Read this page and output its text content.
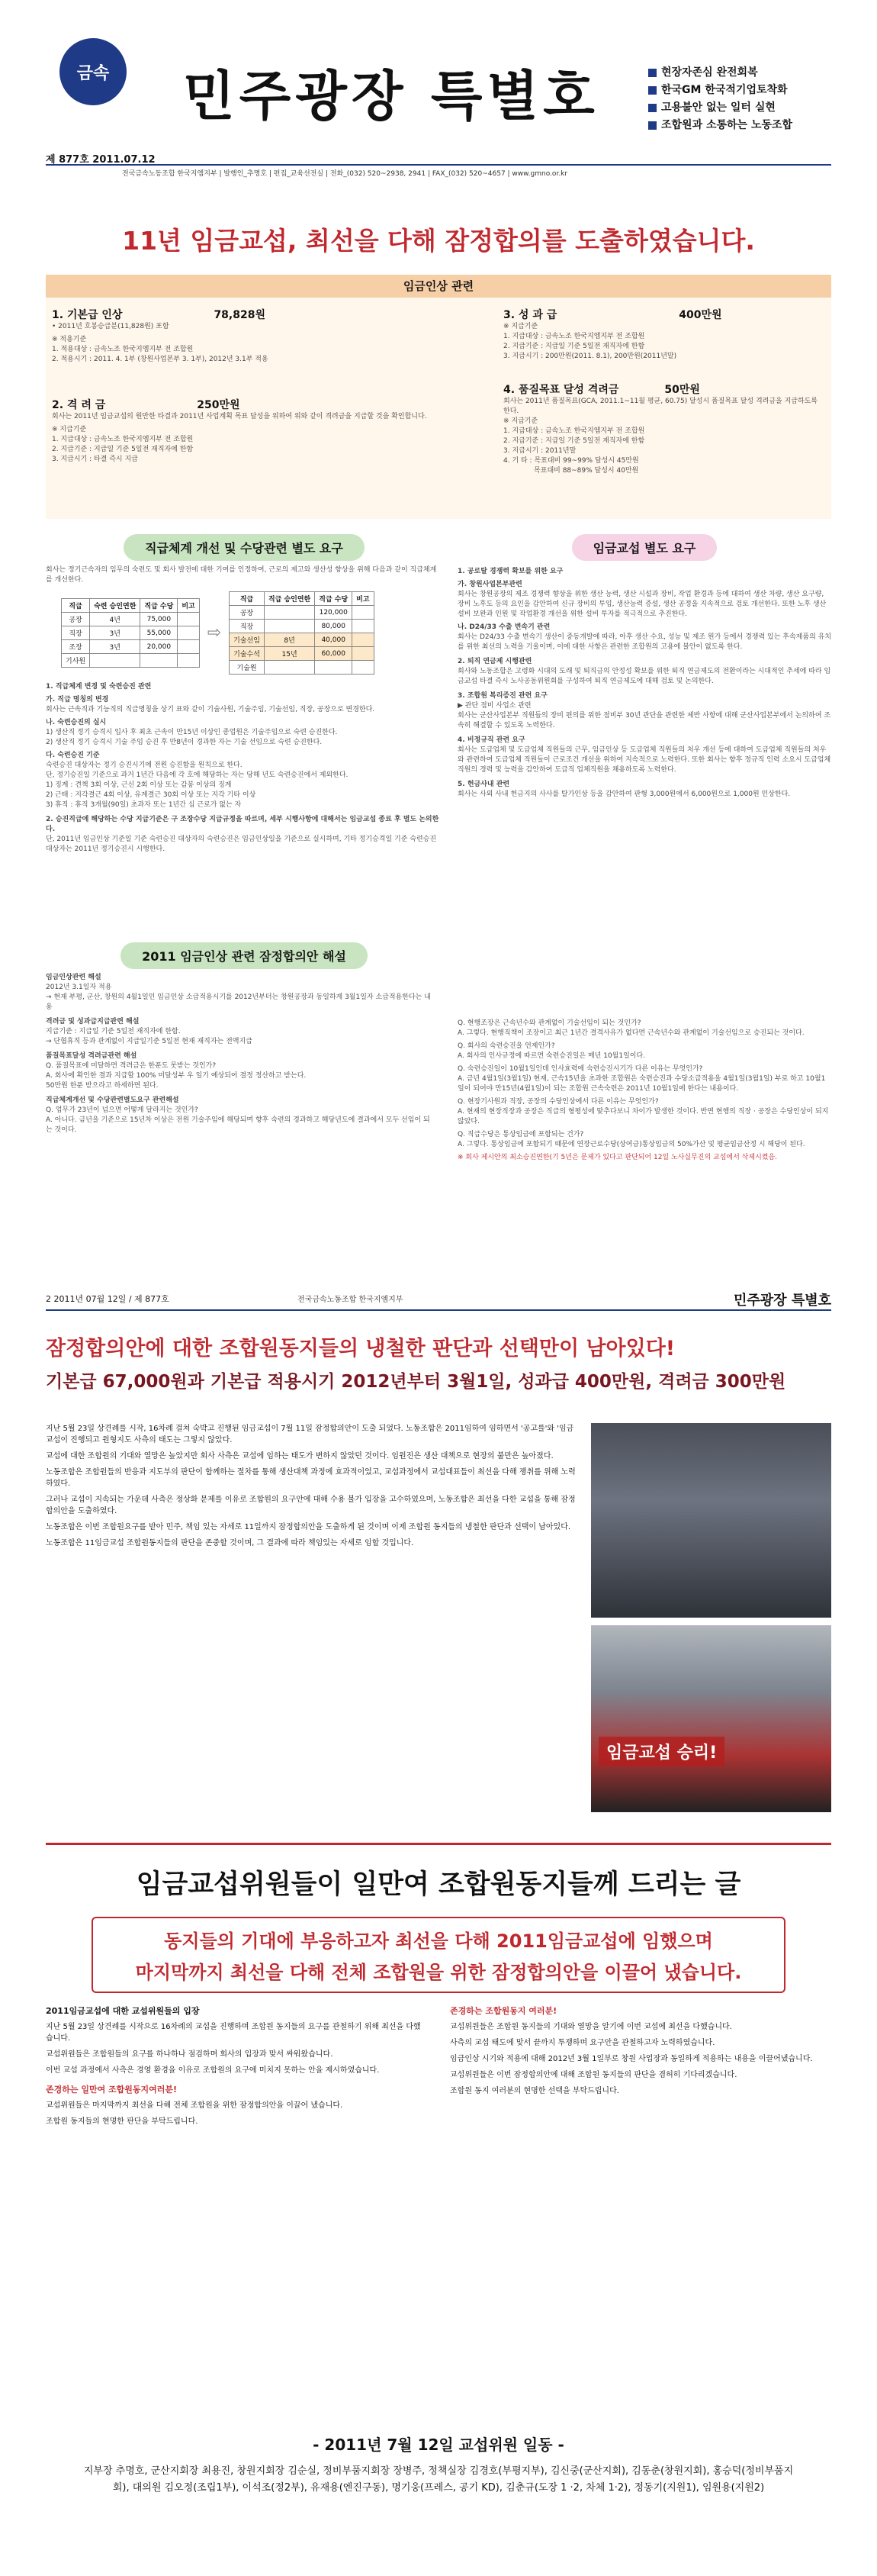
금속 민주광장 특별호
제 877호 2011.07.12
현장자존심 완전회복
한국GM 한국적기업토착화
고용불안 없는 일터 실현
조합원과 소통하는 노동조합
전국금속노동조합 한국지엠지부 | 발행인_추명호 | 편집_교육선전실 | 전화_(032) 520~2938, 2941 | FAX_(032) 520~4657 | www.gmno.or.kr
11년 임금교섭, 최선을 다해 잠정합의를 도출하였습니다.
임금인상 관련
1. 기본급 인상	78,828원
• 2011년 호봉승급분(11,828원) 포함
※ 적용기준
1. 적용대상 : 금속노조 한국지엠지부 전 조합원
2. 적용시기 : 2011. 4. 1부 (창원사업본부 3. 1부), 2012년 3.1부 적용
2. 격 려 금	250만원
회사는 2011년 임금교섭의 원만한 타결과 2011년 사업계획 목표 달성을 위하여 위와 같이 격려금을 지급할 것을 확인합니다.
※ 지급기준
1. 지급대상 : 금속노조 한국지엠지부 전 조합원
2. 지급기준 : 지급일 기준 5일전 재직자에 한함
3. 지급시기 : 타결 즉시 지급
3. 성 과 급	400만원
※ 지급기준
1. 지급대상 : 금속노조 한국지엠지부 전 조합원
2. 지급기준 : 지급일 기준 5일전 재직자에 한함
3. 지급시기 : 200만원(2011. 8.1), 200만원(2011년말)
4. 품질목표 달성 격려금	50만원
회사는 2011년 품질목표(GCA, 2011.1~11월 평균, 60.75) 달성시 품질목표 달성 격려금을 지급하도록 한다.
※ 지급기준
1. 지급대상 : 금속노조 한국지엠지부 전 조합원
2. 지급기준 : 지급일 기준 5일전 재직자에 한함
3. 지급시기 : 2011년말
4. 기 타 : 목표대비 99~99% 달성시 45만원
목표대비 88~89% 달성시 40만원
직급체계 개선 및 수당관련 별도 요구
회사는 정기근속자의 임무의 숙련도 및 회사 발전에 대한 기여를 인정하여, 근로의 제고와 생산성 향상을 위해 다음과 같이 직급체계를 개선한다.
직급	숙련 승인연한	직급 수당	비고
공장	4년	75,000	
직장	3년	55,000	
조장	3년	20,000	
기사원			
⇨
직급	직급 승인연한	직급 수당	비고
공장		120,000	
직장		80,000	
기술선임	8년	40,000	
기술수석	15년	60,000	
기술원			
1. 직급체계 변경 및 숙련승진 관련
가. 직급 명칭의 변경
회사는 근속직과 기능직의 직급명칭을 상기 표와 같이 기술사원, 기술주임, 기술선임, 직장, 공장으로 변경한다.
나. 숙련승진의 실시
1) 생산직 정기 승격시 입사 후 최초 근속이 만15년 이상인 종업원은 기술주임으로 숙련 승진한다.
2) 생산직 정기 승격시 기술 주임 승진 후 만8년이 경과한 자는 기술 선임으로 숙련 승진한다.
다. 숙련승진 기준
숙련승진 대상자는 정기 승진시기에 전원 승진함을 원칙으로 한다.
단, 정기승진일 기준으로 과거 1년간 다음에 각 호에 해당하는 자는 당해 년도 숙련승진에서 제외한다.
1) 징계 : 견책 3회 이상, 근신 2회 이상 또는 감봉 이상의 징계
2) 근태 : 지각결근 4회 이상, 유계결근 30회 이상 또는 지각 기타 이상
3) 휴직 : 휴직 3개월(90일) 초과자 또는 1년간 십 근로가 없는 자
2. 승진직급에 해당하는 수당 지급기준은 구 조장수당 지급규정을 따르며, 세부 시행사항에 대해서는 임금교섭 종료 후 별도 논의한다.
단, 2011년 임금인상 기준일 기준 숙련승진 대상자의 숙련승진은 임금인상일을 기준으로 실시하며, 기타 정기승격일 기준 숙련승진 대상자는 2011년 정기승진시 시행한다.
임금교섭 별도 요구
1. 공로탈 경쟁력 확보를 위한 요구
가. 창원사업본부관련
회사는 창원공장의 제조 경쟁력 향상을 위한 생산 능력, 생산 시설과 장비, 작업 환경과 등에 대하여 생산 차량, 생산 요구량, 장비 노후도 등의 요인을 감안하여 신규 장비의 투입, 생산능력 증설, 생산 공정을 지속적으로 검토 개선한다. 또한 노후 생산설비 보완과 인원 및 작업환경 개선을 위한 설비 투자를 적극적으로 추진한다.
나. D24/33 수출 변속기 관련
회사는 D24/33 수출 변속기 생산이 중동개발에 따라, 아후 생산 수요, 성능 및 제조 원가 등에서 경쟁력 있는 후속제품의 유치를 위한 최선의 노력을 기울이며, 이에 대한 사항은 관련한 조합원의 고용에 불안이 없도록 한다.
2. 퇴직 연금제 시행관련
회사와 노동조합은 고령화 시대의 도래 및 퇴직금의 안정성 확보를 위한 퇴직 연금제도의 전환이라는 시대적인 추세에 따라 임금교섭 타결 즉시 노사공동위원회를 구성하여 퇴직 연금제도에 대해 검토 및 논의한다.
3. 조합원 복리증진 관련 요구
▶ 관단 점비 사업소 관련
회사는 군산사업본부 직원들의 장비 편의를 위한 점비부 30년 관단을 관련한 제반 사항에 대해 군산사업본부에서 논의하여 조속히 해결할 수 있도록 노력한다.
4. 비정규직 관련 요구
회사는 도급업체 및 도급업체 직원들의 근무, 임금인상 등 도급업체 직원들의 처우 개선 등에 대하여 도급업체 직원들의 처우와 관련하여 도급업체 직원들이 근로조건 개선을 위하여 지속적으로 노력한다. 또한 회사는 향후 정규직 인력 소요시 도급업체 직원의 경력 및 능력을 감안하여 도급직 업체직원을 채용하도록 노력한다.
5. 헌금사내 관련
회사는 사외 사내 헌금지의 사사를 탈가인상 등을 감안하여 판형 3,000원에서 6,000원으로 1,000원 인상한다.
2011 임금인상 관련 잠정합의안 해설
임금인상관련 해설
2012년 3.1일자 적용
→ 현재 부평, 군산, 창원의 4월1일인 임금인상 소급적용시기를 2012년부터는 창원공장과 동일하게 3월1일자 소급적용한다는 내용
격려금 및 성과급지급관련 해설
지급기준 : 지급일 기준 5일전 재직자에 한함.
→ 단협휴직 등과 관계없이 지급일기준 5일전 현재 재직자는 전액지급
품질목표달성 격려금관련 해설
Q. 품질목표에 미달하면 격려금은 한푼도 못받는 것인가?
A. 회사에 확인한 결과 지급할 100% 미달성부 우 일기 예상되어 결정 정산하고 받는다.
50만원 한푼 받으라고 하세하면 된다.
직급체계개선 및 수당관련별도요구 관련해설
Q. 업무가 23년이 넘으면 어떻게 달라지는 것인가?
A. 아니다. 금년을 기준으로 15년차 이상은 전원 기술주임에 해당되며 향후 숙련의 경과하고 해당년도에 결과에서 모두 선임이 되는 것이다.
Q. 현행조장은 근속년수와 관계없이 기술선임이 되는 것인가?
A. 그렇다. 현행직책이 조장이고 최근 1년간 결격사유가 없다면 근속년수와 관계없이 기술선임으로 승진되는 것이다.
Q. 회사의 숙련승진을 언제인가?
A. 회사의 인사규정에 따르면 숙련승진일은 매년 10월1일이다.
Q. 숙련승진일이 10월1일인데 인사효력에 숙련승진시기가 다른 이유는 무엇인가?
A. 금년 4월1일(3월1일) 현재, 근속15년을 초과한 조합원은 숙련승진과 수당소급적용을 4월1일(3월1일) 부로 하고 10월1일이 되어야 만15년(4월1일)이 되는 조합원 근속숙련은 2011년 10월1일에 한다는 내용이다.
Q. 현장기사원과 직장, 공장의 수당인상에서 다른 이유는 무엇인가?
A. 현재의 현장직장과 공장은 직급의 형평성에 맞추다보니 차이가 발생한 것이다. 반면 현행의 직장 · 공장은 수당인상이 되지 않았다.
Q. 직급수당은 통상임금에 포함되는 건가?
A. 그렇다. 통상임금에 포함되기 때문에 연장근로수당(상여금)통상임금의 50%가산 및 평균임금산정 시 해당이 된다.
※ 회사 제시안의 최소승진연한(기 5년은 문제가 있다고 판단되어 12일 노사실무진의 교섭에서 삭제시켰음.
2 2011년 07월 12일 / 제 877호	전국금속노동조합 한국지엠지부	민주광장 특별호
잠정합의안에 대한 조합원동지들의 냉철한 판단과 선택만이 남아있다!
기본급 67,000원과 기본급 적용시기 2012년부터 3월1일, 성과급 400만원, 격려금 300만원
지난 5월 23일 상견례를 시작, 16차례 걸쳐 숙박고 진행된 임금교섭이 7월 11일 잠정합의안이 도출 되었다. 노동조합은 2011임하여 임하면서 '공고를'와 '임금교섭이 진행되고 원형지도 사측의 태도는 그렇지 않았다.
교섭에 대한 조합원의 기대와 열망은 높았지만 회사 사측은 교섭에 임하는 태도가 변하지 않았던 것이다. 임원진은 생산 대책으로 현장의 불만은 높아졌다.
노동조합은 조합원들의 반응과 지도부의 판단이 함께하는 절차를 통해 생산대책 과정에 효과적이었고, 교섭과정에서 교섭대표들이 최선을 다해 쟁취를 위해 노력하였다.
그러나 교섭이 지속되는 가운데 사측은 정상화 문제를 이유로 조합원의 요구안에 대해 수용 불가 입장을 고수하였으며, 노동조합은 최선을 다한 교섭을 통해 잠정합의안을 도출하였다.
노동조합은 이번 조합원요구를 받아 민주, 책임 있는 자세로 11일까지 잠정합의안을 도출하게 된 것이며 이제 조합원 동지들의 냉철한 판단과 선택이 남아있다.
노동조합은 11임금교섭 조합원동지들의 판단을 존중할 것이며, 그 결과에 따라 책임있는 자세로 임할 것입니다.
임금교섭 승리!
임금교섭위원들이 일만여 조합원동지들께 드리는 글
동지들의 기대에 부응하고자 최선을 다해 2011임금교섭에 임했으며
마지막까지 최선을 다해 전체 조합원을 위한 잠정합의안을 이끌어 냈습니다.
2011임금교섭에 대한 교섭위원들의 입장
지난 5월 23일 상견례를 시작으로 16차례의 교섭을 진행하며 조합원 동지들의 요구를 관철하기 위해 최선을 다했습니다.
교섭위원들은 조합원들의 요구를 하나하나 점검하며 회사의 입장과 맞서 싸워왔습니다.
이번 교섭 과정에서 사측은 경영 환경을 이유로 조합원의 요구에 미치지 못하는 안을 제시하였습니다.
존경하는 일만여 조합원동지여러분!
교섭위원들은 마지막까지 최선을 다해 전체 조합원을 위한 잠정합의안을 이끌어 냈습니다.
조합원 동지들의 현명한 판단을 부탁드립니다.
존경하는 조합원동지 여러분!
교섭위원들은 조합원 동지들의 기대와 열망을 알기에 이번 교섭에 최선을 다했습니다.
사측의 교섭 태도에 맞서 끝까지 투쟁하며 요구안을 관철하고자 노력하였습니다.
임금인상 시기와 적용에 대해 2012년 3월 1일부로 창원 사업장과 동일하게 적용하는 내용을 이끌어냈습니다.
교섭위원들은 이번 잠정합의안에 대해 조합원 동지들의 판단을 겸허히 기다리겠습니다.
조합원 동지 여러분의 현명한 선택을 부탁드립니다.
- 2011년 7월 12일 교섭위원 일동 -
지부장 추명호, 군산지회장 최용진, 창원지회장 김순실, 정비부품지회장 장병주, 정책실장 김경호(부평지부), 김신중(군산지회), 김동춘(창원지회), 홍승덕(정비부품지회), 대의원 김오정(조립1부), 이석조(정2부), 유재용(엔진구동), 명기웅(프레스, 공기 KD), 김춘규(도장 1 ·2, 차체 1·2), 정동기(지원1), 임원용(지원2)
